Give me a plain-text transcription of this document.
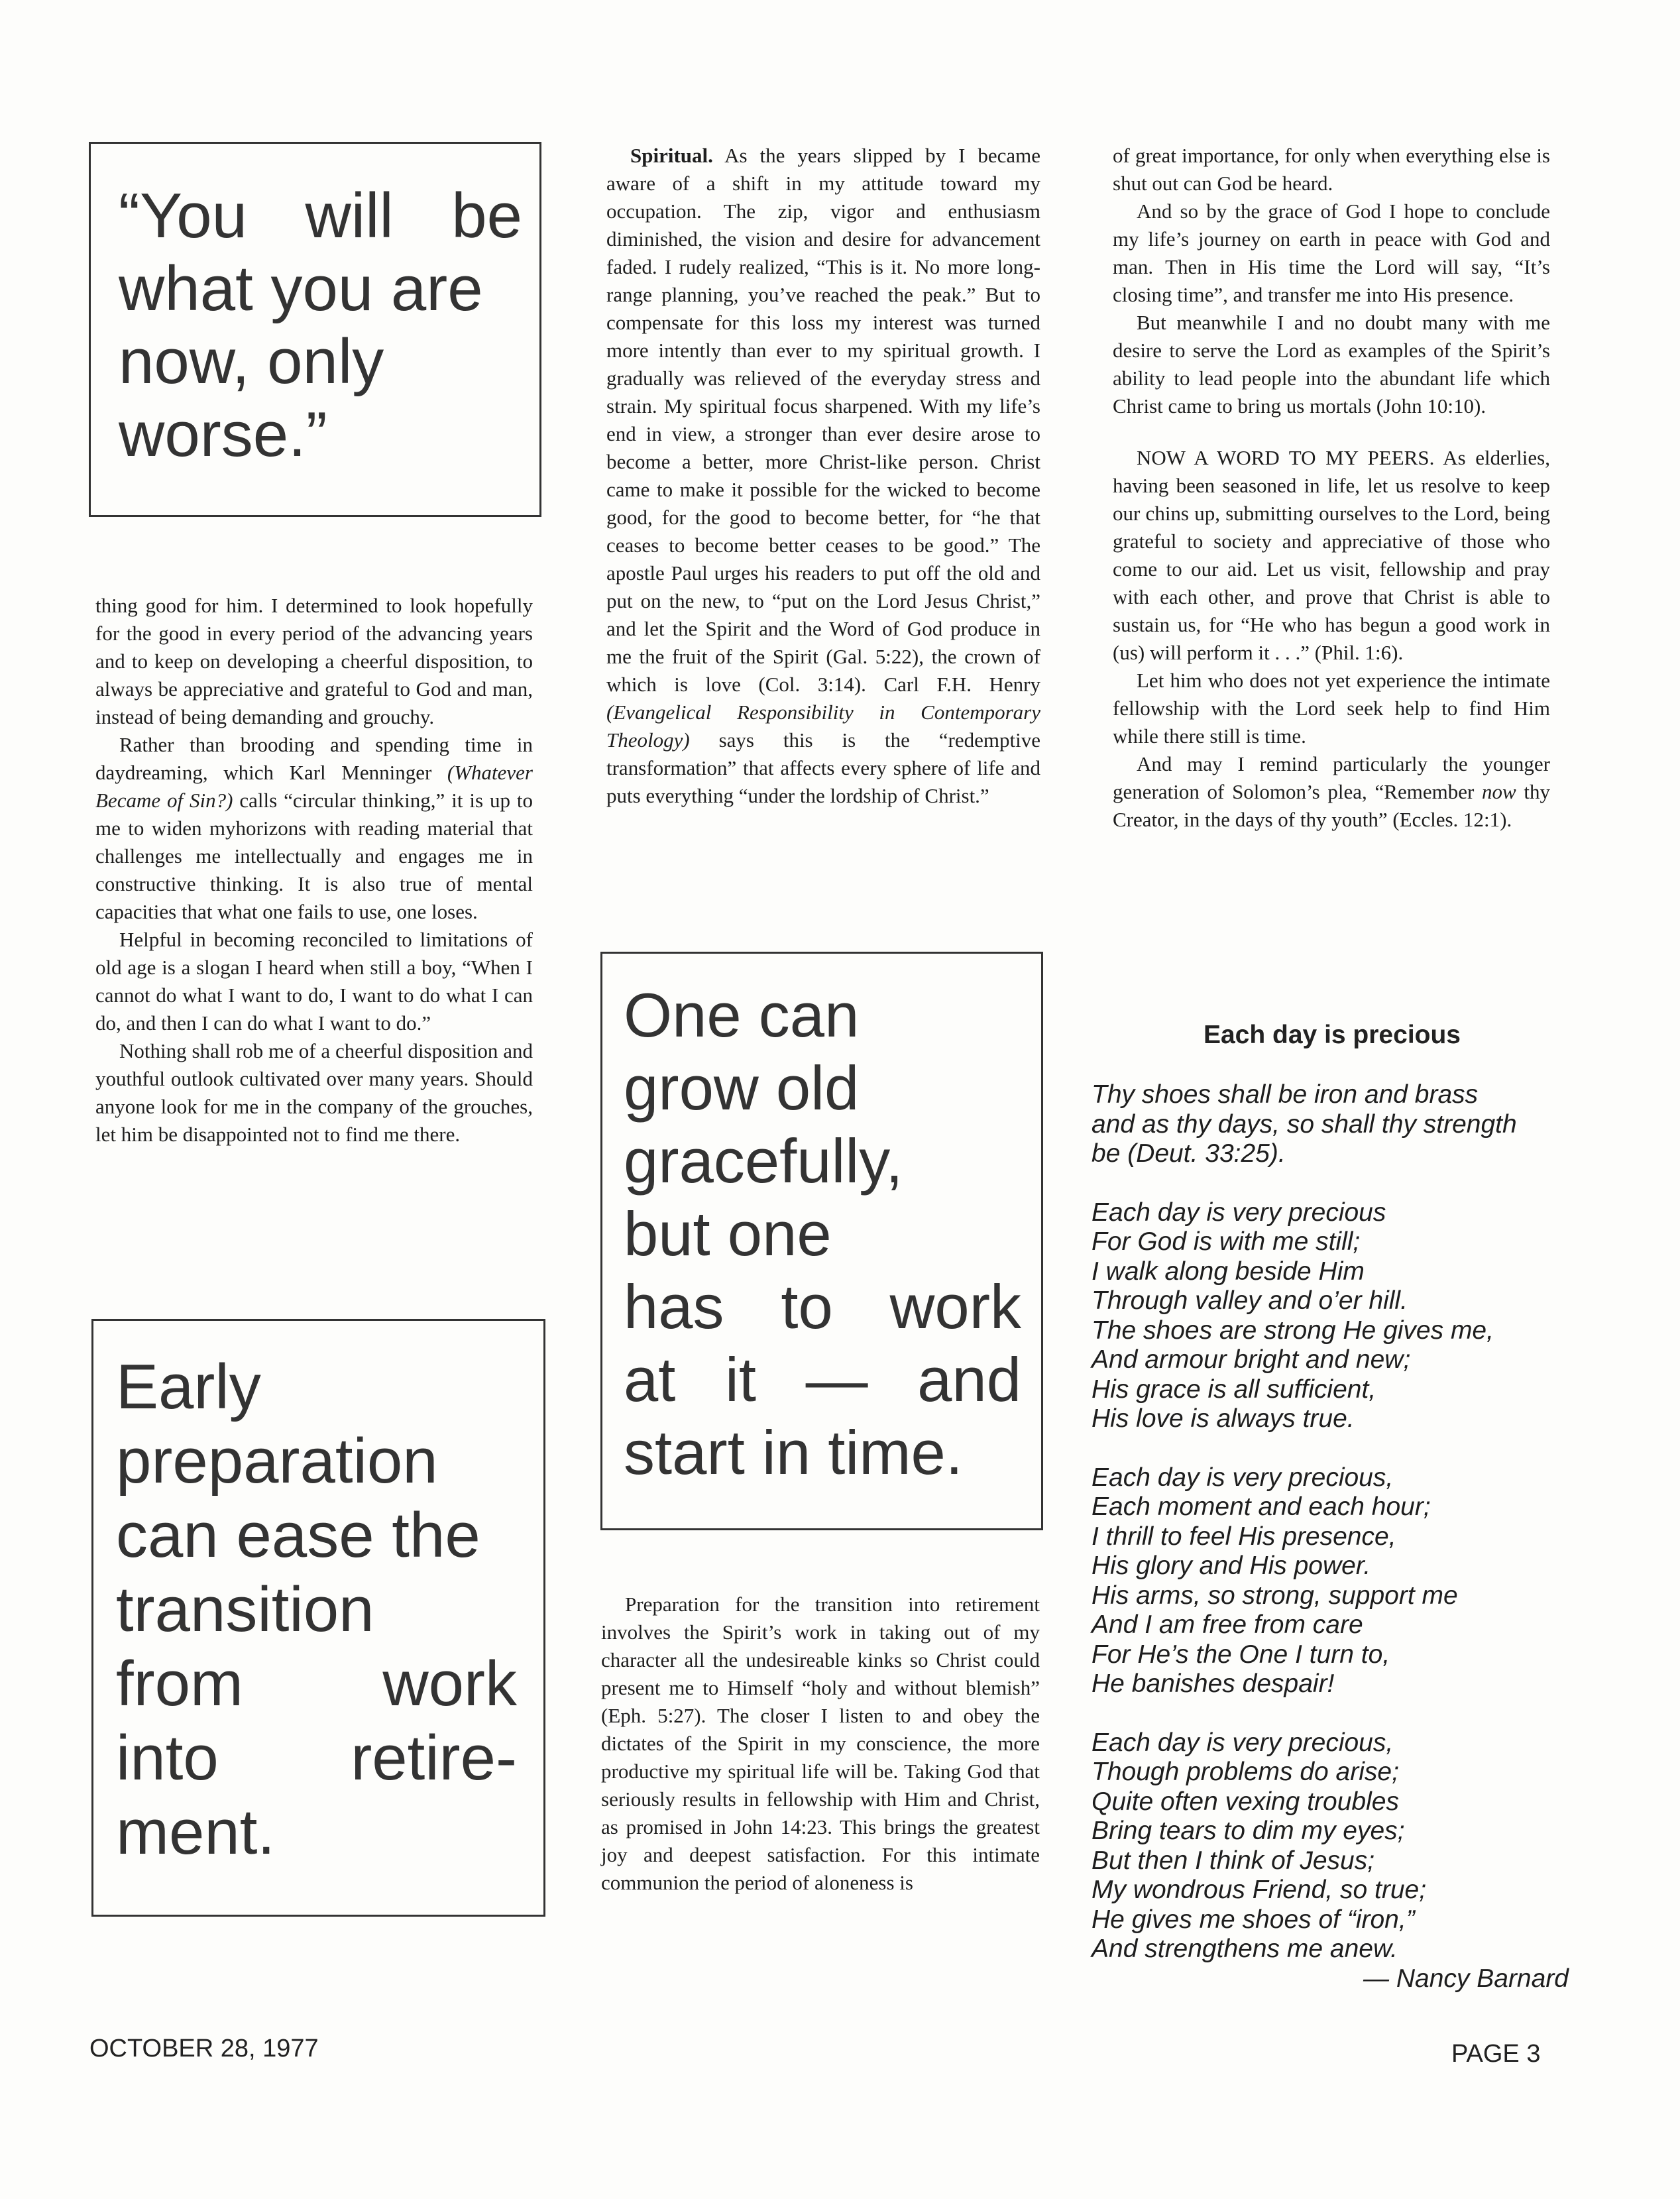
“You will be
what you are
now, only
worse.”

thing good for him. I determined to look hopefully for the good in every period of the advancing years and to keep on developing a cheerful disposition, to always be appreciative and grateful to God and man, instead of being demanding and grouchy.

Rather than brooding and spending time in daydreaming, which Karl Menninger (Whatever Became of Sin?) calls “circular thinking,” it is up to me to widen myhorizons with reading material that challenges me intellectually and engages me in constructive thinking. It is also true of mental capacities that what one fails to use, one loses.

Helpful in becoming reconciled to limitations of old age is a slogan I heard when still a boy, “When I cannot do what I want to do, I want to do what I can do, and then I can do what I want to do.”

Nothing shall rob me of a cheerful disposition and youthful outlook cultivated over many years. Should anyone look for me in the company of the grouches, let him be disappointed not to find me there.

Early
preparation
can ease the
transition
from work
into retire-
ment.

Spiritual. As the years slipped by I became aware of a shift in my attitude toward my occupation. The zip, vigor and enthusiasm diminished, the vision and desire for advancement faded. I rudely realized, “This is it. No more long-range planning, you’ve reached the peak.” But to compensate for this loss my interest was turned more intently than ever to my spiritual growth. I gradually was relieved of the everyday stress and strain. My spiritual focus sharpened. With my life’s end in view, a stronger than ever desire arose to become a better, more Christ-like person. Christ came to make it possible for the wicked to become good, for the good to become better, for “he that ceases to become better ceases to be good.” The apostle Paul urges his readers to put off the old and put on the new, to “put on the Lord Jesus Christ,” and let the Spirit and the Word of God produce in me the fruit of the Spirit (Gal. 5:22), the crown of which is love (Col. 3:14). Carl F.H. Henry (Evangelical Responsibility in Contemporary Theology) says this is the “redemptive transformation” that affects every sphere of life and puts everything “under the lordship of Christ.”

One can
grow old
gracefully,
but one
has to work
at it — and
start in time.

Preparation for the transition into retirement involves the Spirit’s work in taking out of my character all the undesireable kinks so Christ could present me to Himself “holy and without blemish” (Eph. 5:27). The closer I listen to and obey the dictates of the Spirit in my conscience, the more productive my spiritual life will be. Taking God that seriously results in fellowship with Him and Christ, as promised in John 14:23. This brings the greatest joy and deepest satisfaction. For this intimate communion the period of aloneness is

of great importance, for only when everything else is shut out can God be heard.

And so by the grace of God I hope to conclude my life’s journey on earth in peace with God and man. Then in His time the Lord will say, “It’s closing time”, and transfer me into His presence.

But meanwhile I and no doubt many with me desire to serve the Lord as examples of the Spirit’s ability to lead people into the abundant life which Christ came to bring us mortals (John 10:10).

NOW A WORD TO MY PEERS. As elderlies, having been seasoned in life, let us resolve to keep our chins up, submitting ourselves to the Lord, being grateful to society and appreciative of those who come to our aid. Let us visit, fellowship and pray with each other, and prove that Christ is able to sustain us, for “He who has begun a good work in (us) will perform it . . .” (Phil. 1:6).

Let him who does not yet experience the intimate fellowship with the Lord seek help to find Him while there still is time.

And may I remind particularly the younger generation of Solomon’s plea, “Remember now thy Creator, in the days of thy youth” (Eccles. 12:1).

Each day is precious
Thy shoes shall be iron and brass
and as thy days, so shall thy strength
be (Deut. 33:25).
Each day is very precious
For God is with me still;
I walk along beside Him
Through valley and o’er hill.
The shoes are strong He gives me,
And armour bright and new;
His grace is all sufficient,
His love is always true.
Each day is very precious,
Each moment and each hour;
I thrill to feel His presence,
His glory and His power.
His arms, so strong, support me
And I am free from care
For He’s the One I turn to,
He banishes despair!
Each day is very precious,
Though problems do arise;
Quite often vexing troubles
Bring tears to dim my eyes;
But then I think of Jesus;
My wondrous Friend, so true;
He gives me shoes of “iron,”
And strengthens me anew.
— Nancy Barnard
OCTOBER 28, 1977	PAGE 3
